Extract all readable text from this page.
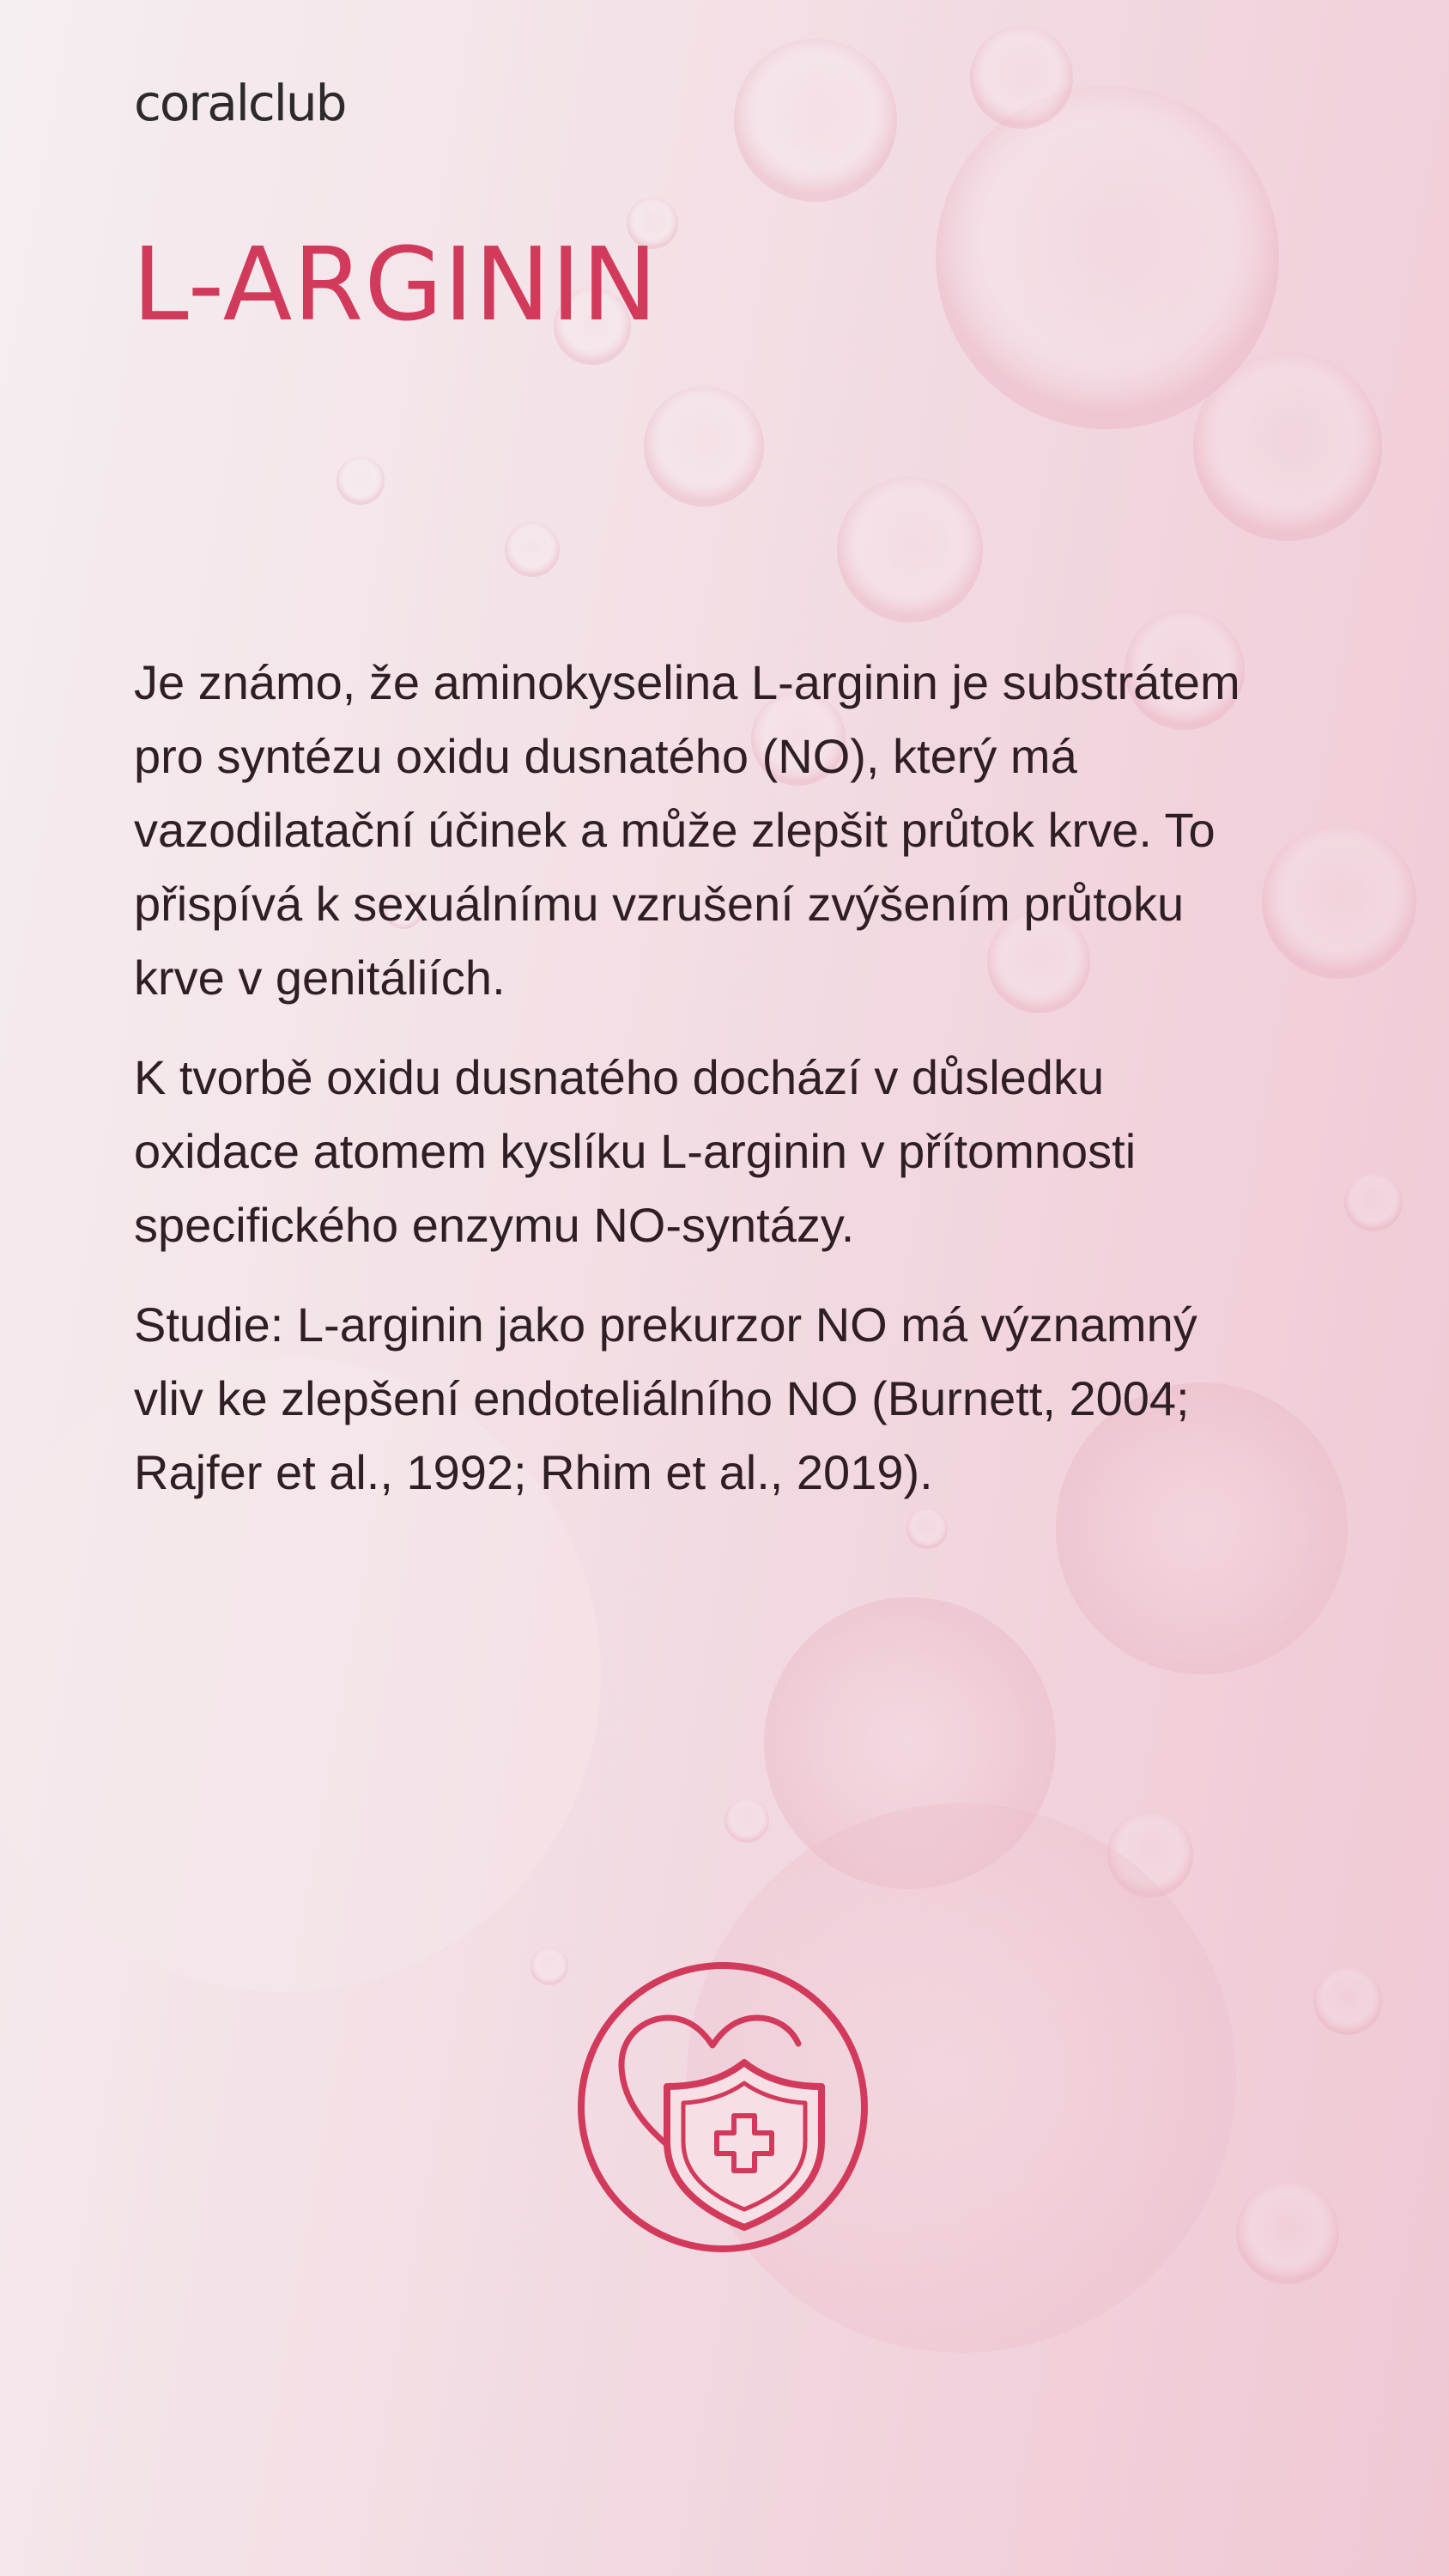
coralclub
L-ARGININ

Je známo, že aminokyselina L-arginin je substrátem
pro syntézu oxidu dusnatého (NO), který má
vazodilatační účinek a může zlepšit průtok krve. To
přispívá k sexuálnímu vzrušení zvýšením průtoku
krve v genitáliích.

K tvorbě oxidu dusnatého dochází v důsledku
oxidace atomem kyslíku L-arginin v přítomnosti
specifického enzymu NO-syntázy.

Studie: L-arginin jako prekurzor NO má významný
vliv ke zlepšení endoteliálního NO (Burnett, 2004;
Rajfer et al., 1992; Rhim et al., 2019).
